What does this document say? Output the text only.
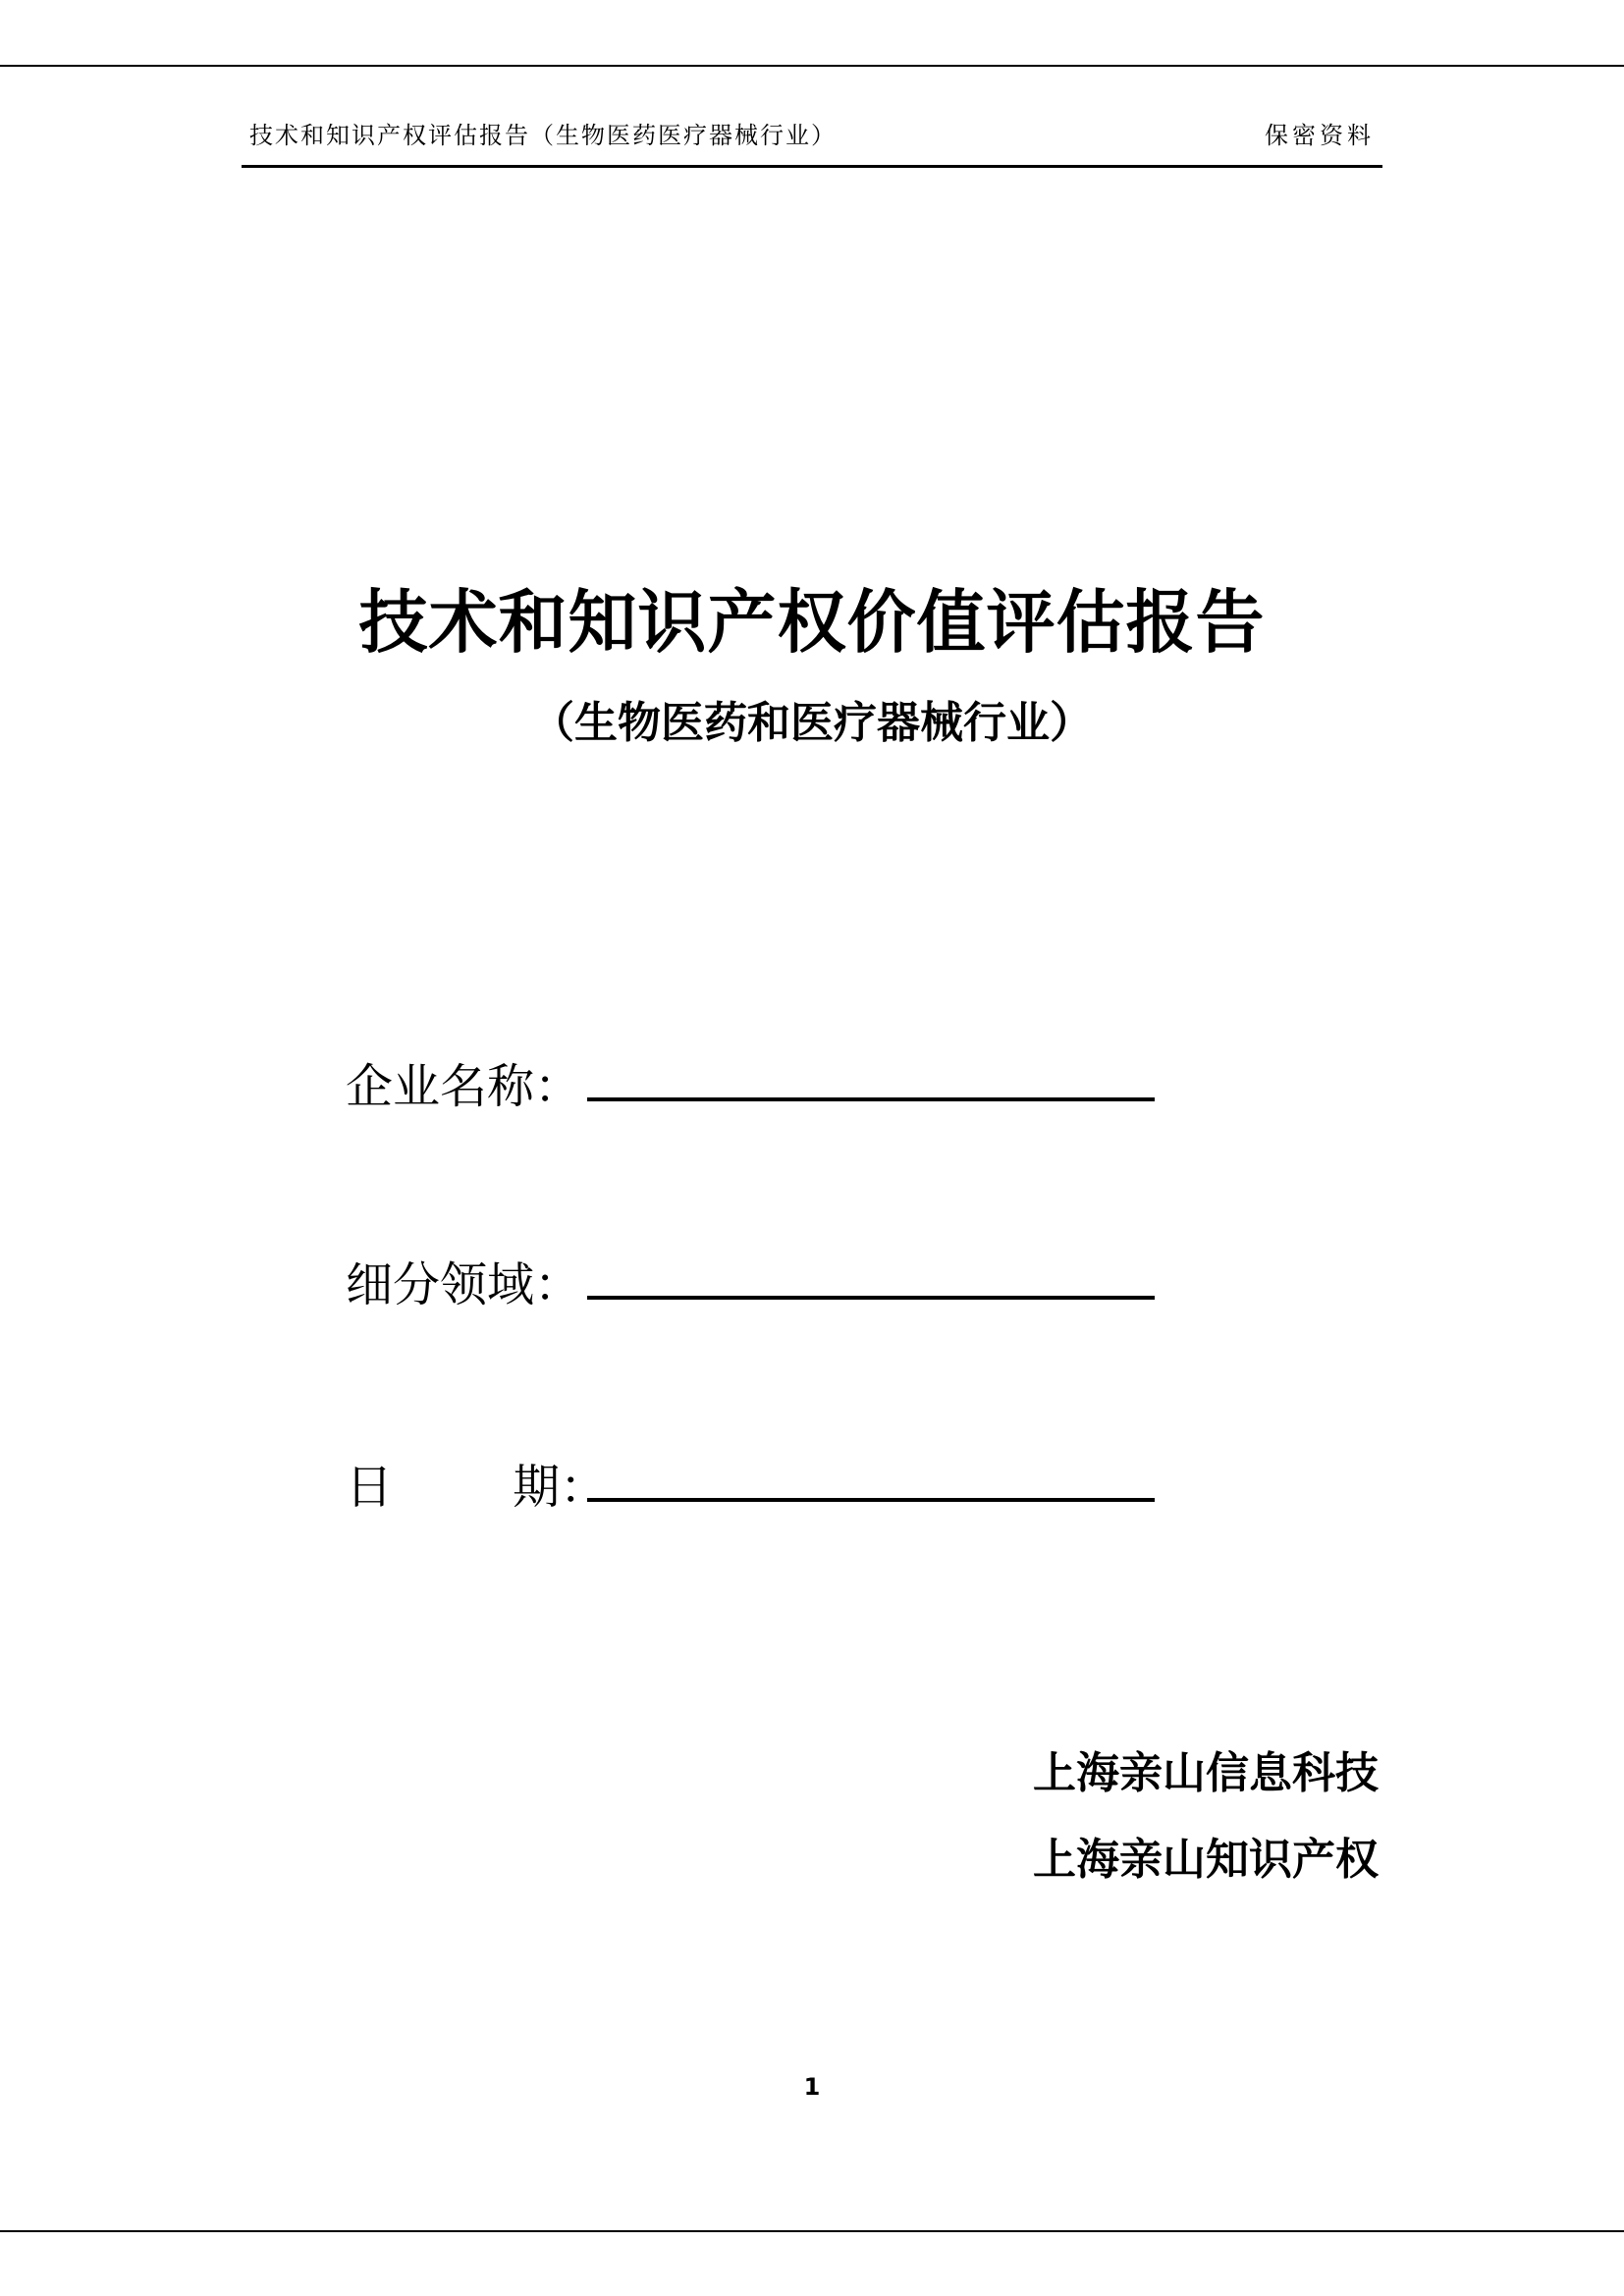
技术和知识产权评估报告（生物医药医疗器械行业）	保密资料
技术和知识产权价值评估报告
（生物医药和医疗器械行业）
企业名称：
细分领域：
日        期：
上海亲山信息科技
上海亲山知识产权
1
